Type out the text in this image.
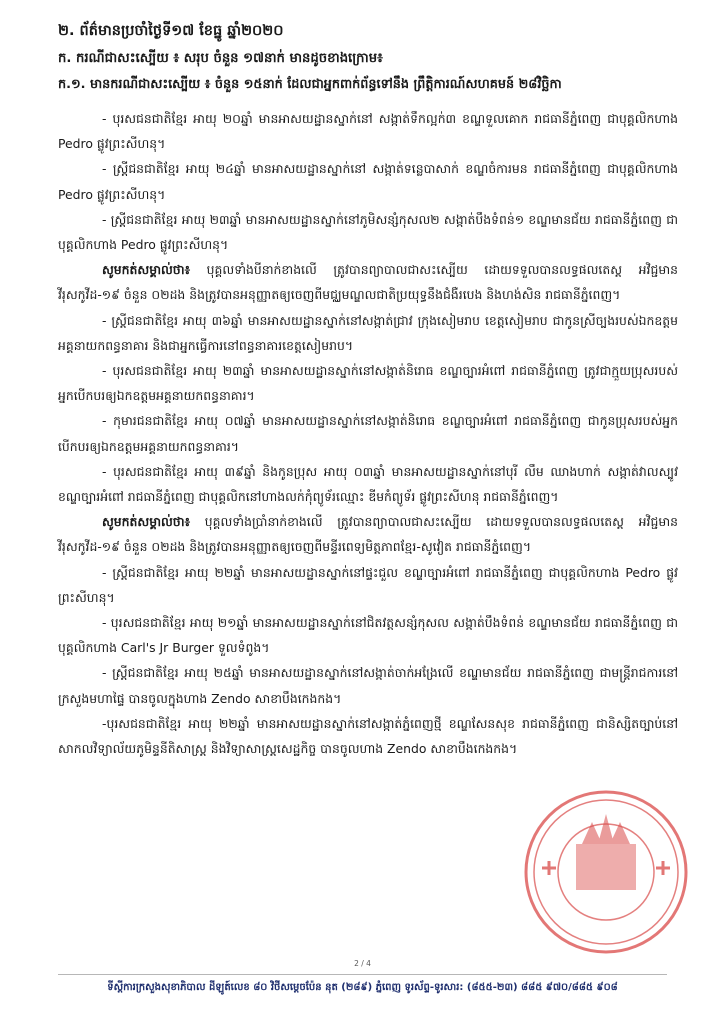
២. ព័ត៌មានប្រចាំថ្ងៃទី១៧ ខែធ្នូ ឆ្នាំ២០២០
ក. ករណីជាសះស្បើយ ៖ សរុប ចំនួន ១៧នាក់ មានដូចខាងក្រោម៖
ក.១. មានករណីជាសះស្បើយ ៖ ចំនួន ១៥នាក់ ដែលជាអ្នកពាក់ព័ន្ធទៅនឹង ព្រឹត្តិការណ៍សហគមន៍ ២៨វិច្ឆិកា

- បុរសជនជាតិខ្មែរ អាយុ ២០ឆ្នាំ មានអាសយដ្ឋានស្នាក់នៅ សង្កាត់ទឹកល្អក់៣ ខណ្ឌទួលគោក រាជធានីភ្នំពេញ ជាបុគ្គលិកហាង Pedro ផ្លូវព្រះសីហនុ។

- ស្ត្រីជនជាតិខ្មែរ អាយុ ២៤ឆ្នាំ មានអាសយដ្ឋានស្នាក់នៅ សង្កាត់ទន្លេបាសាក់ ខណ្ឌចំការមន រាជធានីភ្នំពេញ ជាបុគ្គលិកហាង Pedro ផ្លូវព្រះសីហនុ។

- ស្ត្រីជនជាតិខ្មែរ អាយុ ២៣ឆ្នាំ មានអាសយដ្ឋានស្នាក់នៅភូមិសន្សំកុសល២ សង្កាត់បឹងទំពន់១ ខណ្ឌមានជ័យ រាជធានីភ្នំពេញ ជាបុគ្គលិកហាង Pedro ផ្លូវព្រះសីហនុ។

សូមកត់សម្គាល់ថា៖ បុគ្គលទាំងបីនាក់ខាងលើ ត្រូវបានព្យាបាលជាសះស្បើយ ដោយទទួលបានលទ្ធផលតេស្ត អវិជ្ជមានវីរុសកូវីដ-១៩ ចំនួន ០២ដង និងត្រូវបានអនុញ្ញាតឲ្យចេញពីមជ្ឈមណ្ឌលជាតិប្រយុទ្ធនឹងជំងឺរបេង និងហង់សិន រាជធានីភ្នំពេញ។

- ស្ត្រីជនជាតិខ្មែរ អាយុ ៣៦ឆ្នាំ មានអាសយដ្ឋានស្នាក់នៅសង្កាត់ជ្រាវ ក្រុងសៀមរាប ខេត្តសៀមរាប ជាកូនស្រីច្បងរបស់ឯកឧត្តមអគ្គនាយកពន្ធនាគារ និងជាអ្នកធ្វើការនៅពន្ធនាគារខេត្តសៀមរាប។

- បុរសជនជាតិខ្មែរ អាយុ ២៣ឆ្នាំ មានអាសយដ្ឋានស្នាក់នៅសង្កាត់និរោធ ខណ្ឌច្បារអំពៅ រាជធានីភ្នំពេញ ត្រូវជាក្មួយប្រុសរបស់អ្នកបើកបរឲ្យឯកឧត្តមអគ្គនាយកពន្ធនាគារ។

- កុមារជនជាតិខ្មែរ អាយុ ០៧ឆ្នាំ មានអាសយដ្ឋានស្នាក់នៅសង្កាត់និរោធ ខណ្ឌច្បារអំពៅ រាជធានីភ្នំពេញ ជាកូនប្រុសរបស់អ្នកបើកបរឲ្យឯកឧត្តមអគ្គនាយកពន្ធនាគារ។

- បុរសជនជាតិខ្មែរ អាយុ ៣៩ឆ្នាំ និងកូនប្រុស អាយុ ០៣ឆ្នាំ មានអាសយដ្ឋានស្នាក់នៅបុរី លឹម ឈាងហាក់ សង្កាត់វាលស្បូវ ខណ្ឌច្បារអំពៅ រាជធានីភ្នំពេញ ជាបុគ្គលិកនៅហាងលក់កុំព្យូទ័រឈ្មោះ ឌីមកំព្យូទ័រ ផ្លូវព្រះសីហនុ រាជធានីភ្នំពេញ។

សូមកត់សម្គាល់ថា៖ បុគ្គលទាំងប្រាំនាក់ខាងលើ ត្រូវបានព្យាបាលជាសះស្បើយ ដោយទទួលបានលទ្ធផលតេស្ត អវិជ្ជមានវីរុសកូវីដ-១៩ ចំនួន ០២ដង និងត្រូវបានអនុញ្ញាតឲ្យចេញពីមន្ទីរពេទ្យមិត្តភាពខ្មែរ-សូវៀត រាជធានីភ្នំពេញ។

- ស្ត្រីជនជាតិខ្មែរ អាយុ ២២ឆ្នាំ មានអាសយដ្ឋានស្នាក់នៅផ្ទះជួល ខណ្ឌច្បារអំពៅ រាជធានីភ្នំពេញ ជាបុគ្គលិកហាង Pedro ផ្លូវព្រះសីហនុ។

- បុរសជនជាតិខ្មែរ អាយុ ២១ឆ្នាំ មានអាសយដ្ឋានស្នាក់នៅជិតវត្តសន្សំកុសល សង្កាត់បឹងទំពន់ ខណ្ឌមានជ័យ រាជធានីភ្នំពេញ ជាបុគ្គលិកហាង Carl's Jr Burger ទួលទំពូង។

- ស្ត្រីជនជាតិខ្មែរ អាយុ ២៥ឆ្នាំ មានអាសយដ្ឋានស្នាក់នៅសង្កាត់ចាក់អង្រែលើ ខណ្ឌមានជ័យ រាជធានីភ្នំពេញ ជាមន្ត្រីរាជការនៅក្រសួងមហាផ្ទៃ បានចូលក្នុងហាង Zendo សាខាបឹងកេងកង។

-បុរសជនជាតិខ្មែរ អាយុ ២២ឆ្នាំ មានអាសយដ្ឋានស្នាក់នៅសង្កាត់ភ្នំពេញថ្មី ខណ្ឌសែនសុខ រាជធានីភ្នំពេញ ជានិស្សិតច្បាប់នៅសាកលវិទ្យាល័យភូមិន្ទនីតិសាស្ត្រ និងវិទ្យាសាស្ត្រសេដ្ឋកិច្ច បានចូលហាង Zendo សាខាបឹងកេងកង។

2 / 4
ទីស្តីការក្រសួងសុខាភិបាល ដីឡូត៍លេខ ៨០ វិថីសម្តេចប៉ែន នុត (២៨៩) ភ្នំពេញ ទូរស័ព្ទ-ទូរសារ: (៨៥៥-២៣) ៨៨៥ ៩៧០/៨៨៥ ៩០៨
